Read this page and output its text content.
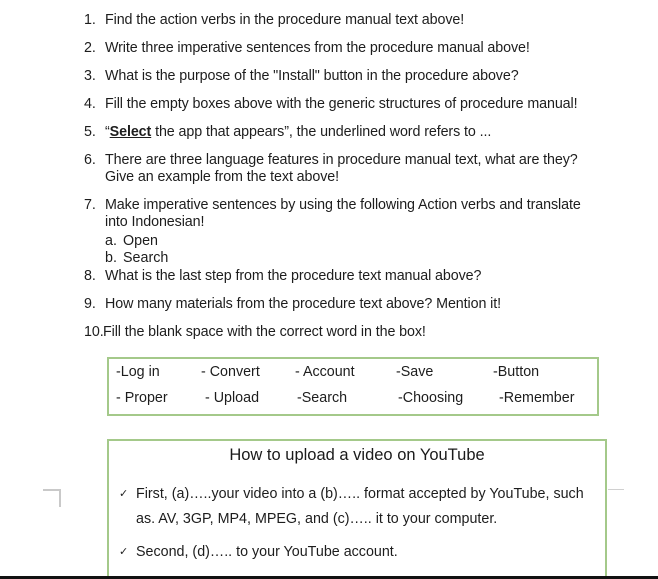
1. Find the action verbs in the procedure manual text above!
2. Write three imperative sentences from the procedure manual above!
3. What is the purpose of the "Install" button in the procedure above?
4. Fill the empty boxes above with the generic structures of procedure manual!
5. “Select the app that appears”, the underlined word refers to ...
6. There are three language features in procedure manual text, what are they?
Give an example from the text above!
7. Make imperative sentences by using the following Action verbs and translate
into Indonesian!
a. Open
b. Search
8. What is the last step from the procedure text manual above?
9. How many materials from the procedure text above? Mention it!
10. Fill the blank space with the correct word in the box!
-Log in	- Convert - Account	-Save	-Button
- Proper	- Upload	-Search	-Choosing	-Remember
How to upload a video on YouTube
✓ First, (a)…..your video into a (b)….. format accepted by YouTube, such
as. AV, 3GP, MP4, MPEG, and (c)….. it to your computer.
✓ Second, (d)….. to your YouTube account.
